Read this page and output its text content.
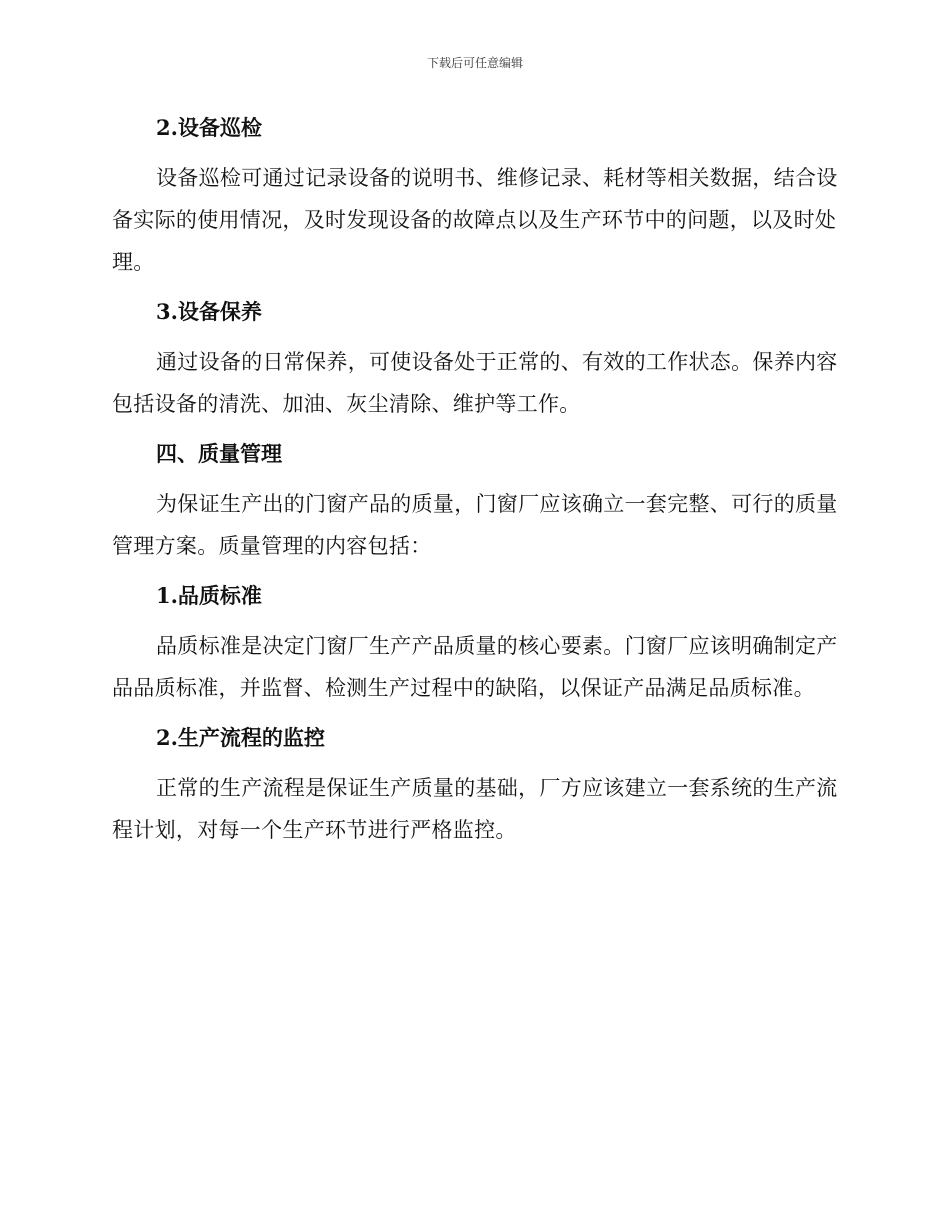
下载后可任意编辑
2.设备巡检

设备巡检可通过记录设备的说明书、维修记录、耗材等相关数据，结合设备实际的使用情况，及时发现设备的故障点以及生产环节中的问题，以及时处理。

3.设备保养

通过设备的日常保养，可使设备处于正常的、有效的工作状态。保养内容包括设备的清洗、加油、灰尘清除、维护等工作。

四、质量管理

为保证生产出的门窗产品的质量，门窗厂应该确立一套完整、可行的质量管理方案。质量管理的内容包括：

1.品质标准

品质标准是决定门窗厂生产产品质量的核心要素。门窗厂应该明确制定产品品质标准，并监督、检测生产过程中的缺陷，以保证产品满足品质标准。

2.生产流程的监控

正常的生产流程是保证生产质量的基础，厂方应该建立一套系统的生产流程计划，对每一个生产环节进行严格监控。
